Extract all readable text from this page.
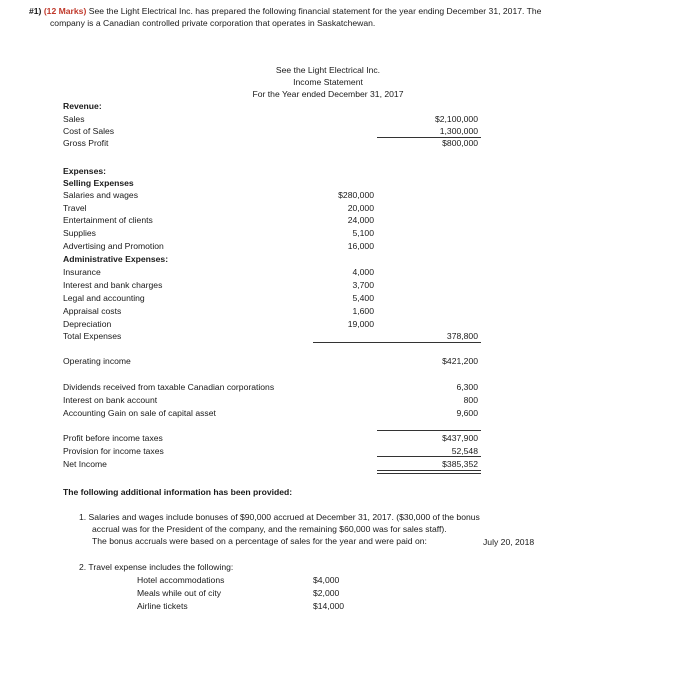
#1) (12 Marks) See the Light Electrical Inc. has prepared the following financial statement for the year ending December 31, 2017. The
company is a Canadian controlled private corporation that operates in Saskatchewan.
See the Light Electrical Inc.
Income Statement
For the Year ended December 31, 2017
Revenue:
Sales	$2,100,000
Cost of Sales	1,300,000
Gross Profit	$800,000
Expenses:
Selling Expenses
Salaries and wages	$280,000
Travel	20,000
Entertainment of clients	24,000
Supplies	5,100
Advertising and Promotion	16,000
Administrative Expenses:
Insurance	4,000
Interest and bank charges	3,700
Legal and accounting	5,400
Appraisal costs	1,600
Depreciation	19,000
Total Expenses	378,800
Operating income	$421,200
Dividends received from taxable Canadian corporations	6,300
Interest on bank account	800
Accounting Gain on sale of capital asset	9,600
Profit before income taxes	$437,900
Provision for income taxes	52,548
Net Income	$385,352
The following additional information has been provided:
1. Salaries and wages include bonuses of $90,000 accrued at December 31, 2017. ($30,000 of the bonus
accrual was for the President of the company, and the remaining $60,000 was for sales staff).
The bonus accruals were based on a percentage of sales for the year and were paid on:	July 20, 2018
2. Travel expense includes the following:
Hotel accommodations	$4,000
Meals while out of city	$2,000
Airline tickets	$14,000
